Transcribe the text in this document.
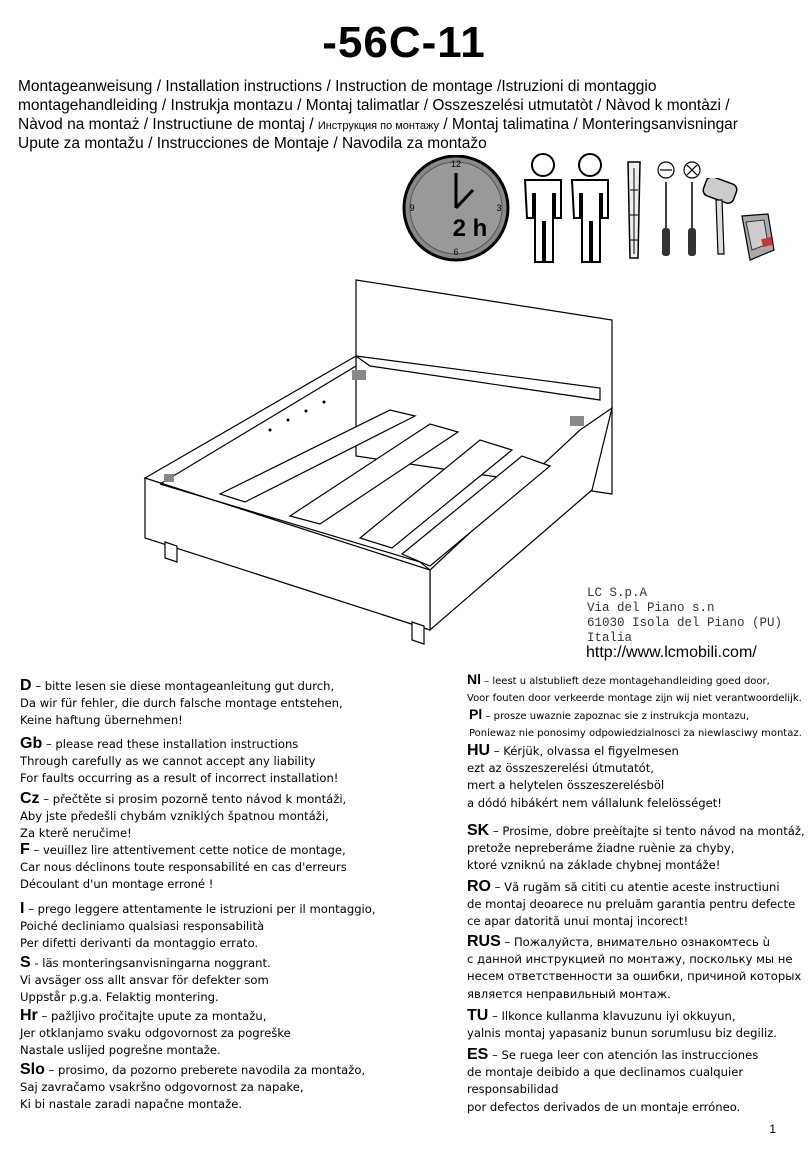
-56C-11
Montageanweisung / Installation instructions / Instruction de montage /Istruzioni di montaggio
montagehandleiding / Instrukja montazu / Montaj talimatlar / Osszeszelési utmutatòt / Nàvod k montàzi /
Nàvod na montaż / Instructiune de montaj / Инструкция по монтажу / Montaj talimatina / Monteringsanvisningar
Upute za montažu / Instrucciones de Montaje / Navodila za montažo
12
3
6
9
2 h
LC S.p.A
Via del Piano s.n
61030 Isola del Piano (PU)
Italia
http://www.lcmobili.com/
D – bitte lesen sie diese montageanleitung gut durch,
Da wir für fehler, die durch falsche montage entstehen,
Keine haftung übernehmen!
Gb – please read these installation instructions
Through carefully as we cannot accept any liability
For faults occurring as a result of incorrect installation!
Cz – přečtěte si prosim pozorně tento návod k montáži,
Aby jste předešli chybám vzniklých špatnou montáži,
Za kterě neručime!
F – veuillez lire attentivement cette notice de montage,
Car nous déclinons toute responsabilité en cas d'erreurs
Découlant d'un montage erroné !
I – prego leggere attentamente le istruzioni per il montaggio,
Poiché decliniamo qualsiasi responsabilità
Per difetti derivanti da montaggio errato.
S - läs monteringsanvisningarna noggrant.
Vi avsäger oss allt ansvar för defekter som
Uppstår p.g.a. Felaktig montering.
Hr – pažljivo pročitajte upute za montažu,
Jer otklanjamo svaku odgovornost za pogreške
Nastale uslijed pogrešne montaže.
Slo – prosimo, da pozorno preberete navodila za montažo,
Saj zavračamo vsakršno odgovornost za napake,
Ki bi nastale zaradi napačne montaže.
Nl – leest u alstublieft deze montagehandleiding goed door,
Voor fouten door verkeerde montage zijn wij niet verantwoordelijk.
Pl – prosze uwaznie zapoznac sie z instrukcja montazu,
Poniewaz nie ponosimy odpowiedzialnosci za niewlasciwy montaz.
HU – Kérjük, olvassa el figyelmesen
ezt az összeszerelési útmutatót,
mert a helytelen összeszerelésböl
a dódó hibákért nem vállalunk felelösséget!
SK – Prosime, dobre preèítajte si tento návod na montáž,
pretože nepreberáme žiadne ruènie za chyby,
ktoré vzniknú na základe chybnej montáže!
RO – Vă rugăm să cititi cu atentie aceste instructiuni
de montaj deoarece nu preluăm garantia pentru defecte
ce apar datorită unui montaj incorect!
RUS – Пожалуйста, внимательно ознакомтесь ù
с данной инструкцией по монтажу, поскольку мы не
несем ответственности за ошибки, причиной которых
является неправильный монтаж.
TU – Ilkonce kullanma klavuzunu iyi okkuyun,
yalnis montaj yapasaniz bunun sorumlusu biz degiliz.
ES – Se ruega leer con atención las instrucciones
de montaje deibido a que declinamos cualquier
responsabilidad
por defectos derivados de un montaje erróneo.
1
